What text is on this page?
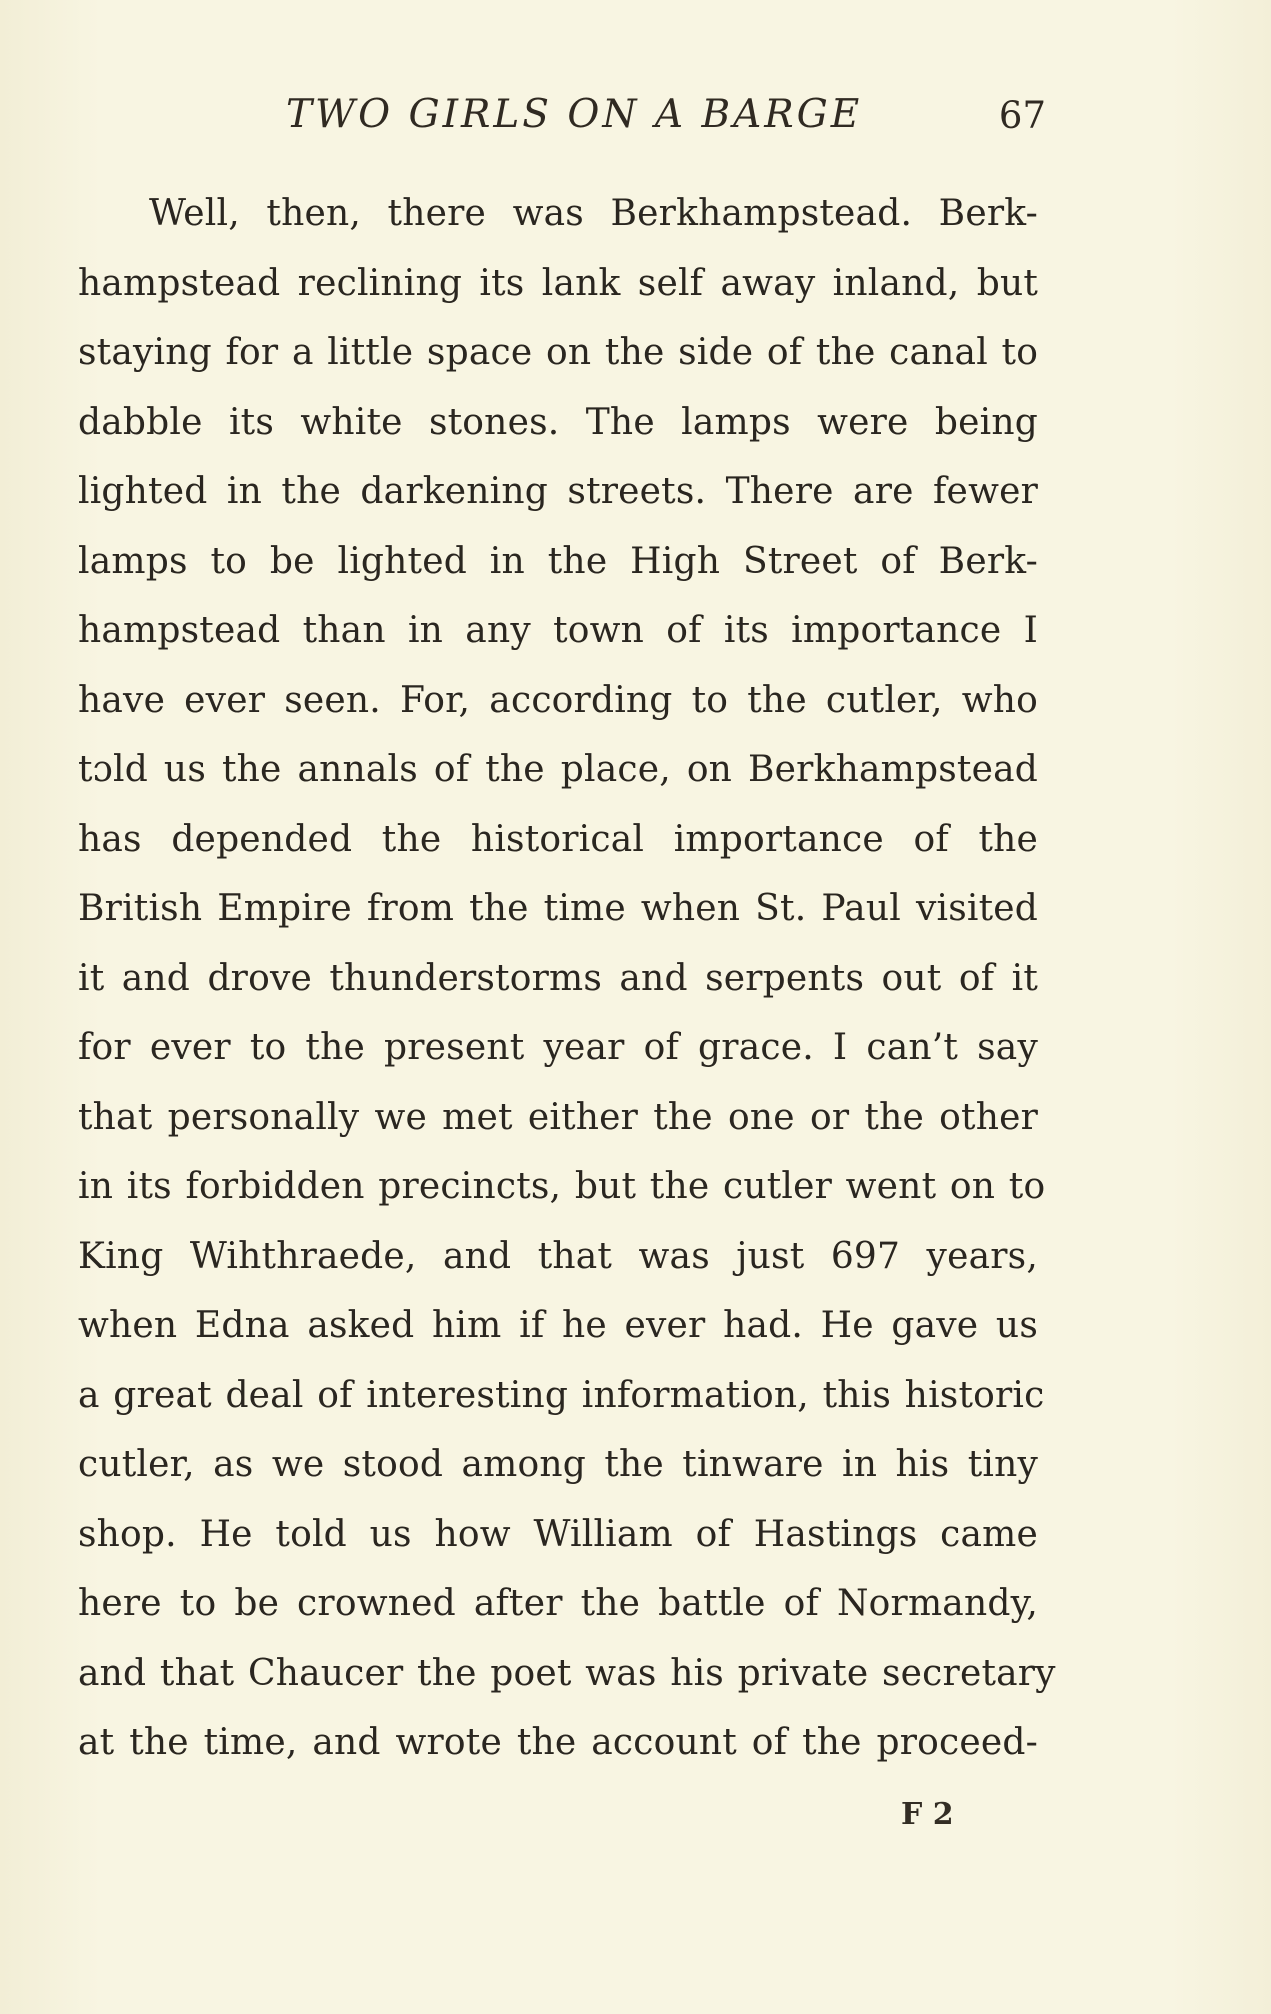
TWO GIRLS ON A BARGE	67
Well, then, there was Berkhampstead. Berk-
hampstead reclining its lank self away inland, but
staying for a little space on the side of the canal to
dabble its white stones. The lamps were being
lighted in the darkening streets. There are fewer
lamps to be lighted in the High Street of Berk-
hampstead than in any town of its importance I
have ever seen. For, according to the cutler, who
tɔld us the annals of the place, on Berkhampstead
has depended the historical importance of the
British Empire from the time when St. Paul visited
it and drove thunderstorms and serpents out of it
for ever to the present year of grace. I can’t say
that personally we met either the one or the other
in its forbidden precincts, but the cutler went on to
King Wihthraede, and that was just 697 years,
when Edna asked him if he ever had. He gave us
a great deal of interesting information, this historic
cutler, as we stood among the tinware in his tiny
shop. He told us how William of Hastings came
here to be crowned after the battle of Normandy,
and that Chaucer the poet was his private secretary
at the time, and wrote the account of the proceed-
F 2
